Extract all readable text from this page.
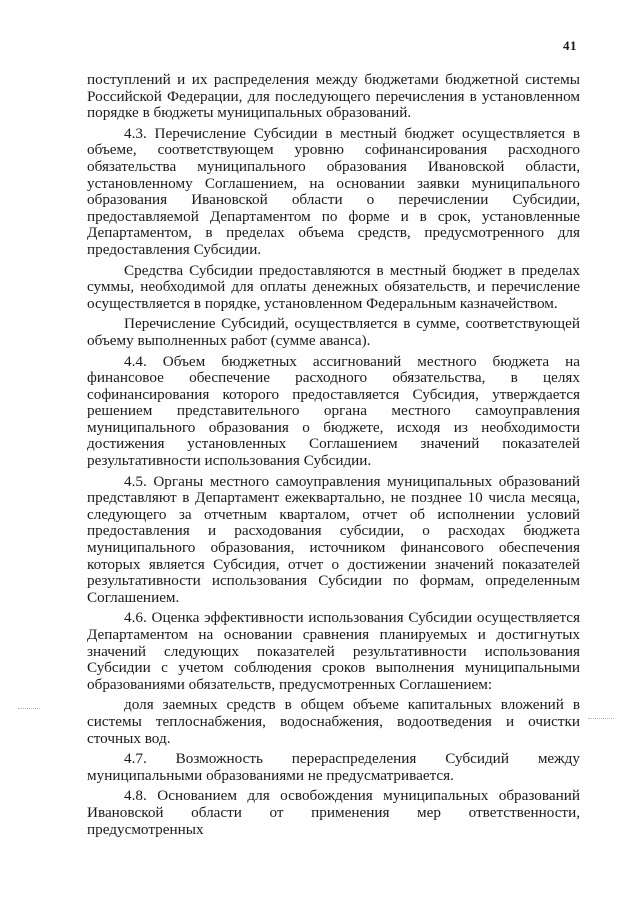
41

поступлений и их распределения между бюджетами бюджетной системы Российской Федерации, для последующего перечисления в установленном порядке в бюджеты муниципальных образований.

4.3. Перечисление Субсидии в местный бюджет осуществляется в объеме, соответствующем уровню софинансирования расходного обязательства муниципального образования Ивановской области, установленному Соглашением, на основании заявки муниципального образования Ивановской области о перечислении Субсидии, предоставляемой Департаментом по форме и в срок, установленные Департаментом, в пределах объема средств, предусмотренного для предоставления Субсидии.

Средства Субсидии предоставляются в местный бюджет в пределах суммы, необходимой для оплаты денежных обязательств, и перечисление осуществляется в порядке, установленном Федеральным казначейством.

Перечисление Субсидий, осуществляется в сумме, соответствующей объему выполненных работ (сумме аванса).

4.4. Объем бюджетных ассигнований местного бюджета на финансовое обеспечение расходного обязательства, в целях софинансирования которого предоставляется Субсидия, утверждается решением представительного органа местного самоуправления муниципального образования о бюджете, исходя из необходимости достижения установленных Соглашением значений показателей результативности использования Субсидии.

4.5. Органы местного самоуправления муниципальных образований представляют в Департамент ежеквартально, не позднее 10 числа месяца, следующего за отчетным кварталом, отчет об исполнении условий предоставления и расходования субсидии, о расходах бюджета муниципального образования, источником финансового обеспечения которых является Субсидия, отчет о достижении значений показателей результативности использования Субсидии по формам, определенным Соглашением.

4.6. Оценка эффективности использования Субсидии осуществляется Департаментом на основании сравнения планируемых и достигнутых значений следующих показателей результативности использования Субсидии с учетом соблюдения сроков выполнения муниципальными образованиями обязательств, предусмотренных Соглашением:

доля заемных средств в общем объеме капитальных вложений в системы теплоснабжения, водоснабжения, водоотведения и очистки сточных вод.

4.7. Возможность перераспределения Субсидий между муниципальными образованиями не предусматривается.

4.8. Основанием для освобождения муниципальных образований Ивановской области от применения мер ответственности, предусмотренных
